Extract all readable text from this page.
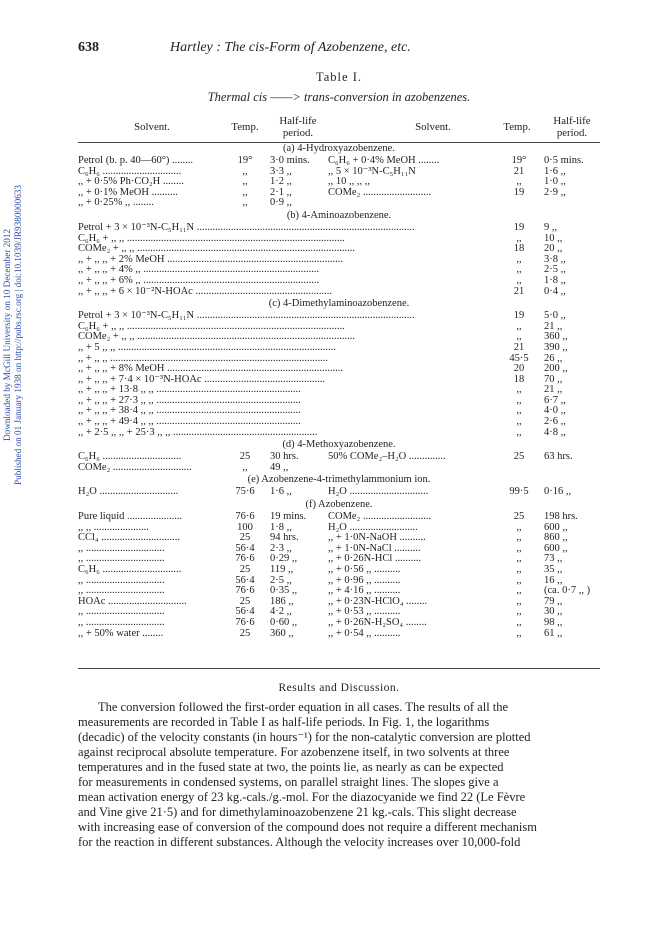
Downloaded by McGill University on 10 December 2012 Published on 01 January 1938 on http://pubs.rsc.org | doi:10.1039/JR9380000633
638	Hartley : The cis-Form of Azobenzene, etc.
Table I.
Thermal cis ——> trans-conversion in azobenzenes.
Solvent.	Temp.	Half-life period.	Solvent.	Temp.	Half-life period.
(a) 4-Hydroxyazobenzene.
Petrol (b. p. 40—60°) ........	19°	3·0 mins.	C₆H₆ + 0·4% MeOH ........	19°	0·5 mins.
C₆H₆ ..............................	,,	3·3 ,,	,, 5 × 10⁻³N-C₅H₁₁N	21	1·6 ,,
,, + 0·5% Ph·CO₂H ........	,,	1·2 ,,	,, 10 ,, ,, ,,	,,	1·0 ,,
,, + 0·1% MeOH ..........	,,	2·1 ,,	COMe₂ ..........................	19	2·9 ,,
,, + 0·25% ,, ........	,,	0·9 ,,
(b) 4-Aminoazobenzene.
Petrol + 3 × 10⁻³N-C₅H₁₁N ...................................................................................	19	9 ,,
C₆H₆ + ,, ,, ...................................................................................	,,	10 ,,
COMe₂ + ,, ,, ...................................................................................	18	20 ,,
,, + ,, ,, + 2% MeOH ...................................................................	,,	3·8 ,,
,, + ,, ,, + 4% ,, ...................................................................	,,	2·5 ,,
,, + ,, ,, + 6% ,, ...................................................................	,,	1·8 ,,
,, + ,, ,, + 6 × 10⁻²N-HOAc ....................................................	21	0·4 ,,
(c) 4-Dimethylaminoazobenzene.
Petrol + 3 × 10⁻³N-C₅H₁₁N ...................................................................................	19	5·0 ,,
C₆H₆ + ,, ,, ...................................................................................	,,	21 ,,
COMe₂ + ,, ,, ...................................................................................	,,	360 ,,
,, + 5 ,, ,, ...................................................................................	21	390 ,,
,, + ,, ,, ...................................................................................	45·5	26 ,,
,, + ,, ,, + 8% MeOH ...................................................................	20	200 ,,
,, + ,, ,, + 7·4 × 10⁻³N-HOAc ..............................................	18	70 ,,
,, + ,, ,, + 13·8 ,, ,, .......................................................	,,	21 ,,
,, + ,, ,, + 27·3 ,, ,, .......................................................	,,	6·7 ,,
,, + ,, ,, + 38·4 ,, ,, .......................................................	,,	4·0 ,,
,, + ,, ,, + 49·4 ,, ,, .......................................................	,,	2·6 ,,
,, + 2·5 ,, ,, + 25·3 ,, ,, .......................................................	,,	4·8 ,,
(d) 4-Methoxyazobenzene.
C₆H₆ ..............................	25	30 hrs.	50% COMe₂–H₂O ..............	25	63 hrs.
COMe₂ ..............................	,,	49 ,,
(e) Azobenzene-4-trimethylammonium ion.
H₂O ..............................	75·6	1·6 ,,	H₂O ..............................	99·5	0·16 ,,
(f) Azobenzene.
Pure liquid .....................	76·6	19 mins.	COMe₂ ..........................	25	198 hrs.
,, ,, .....................	100	1·8 ,,	H₂O ..........................	,,	600 ,,
CCl₄ ..............................	25	94 hrs.	,, + 1·0N-NaOH ..........	,,	860 ,,
,, ..............................	56·4	2·3 ,,	,, + 1·0N-NaCl ..........	,,	600 ,,
,, ..............................	76·6	0·29 ,,	,, + 0·26N-HCl ..........	,,	73 ,,
C₆H₆ ..............................	25	119 ,,	,, + 0·56 ,, ..........	,,	35 ,,
,, ..............................	56·4	2·5 ,,	,, + 0·96 ,, ..........	,,	16 ,,
,, ..............................	76·6	0·35 ,,	,, + 4·16 ,, ..........	,,	(ca. 0·7 ,, )
HOAc ..............................	25	186 ,,	,, + 0·23N-HClO₄ ........	,,	79 ,,
,, ..............................	56·4	4·2 ,,	,, + 0·53 ,, ..........	,,	30 ,,
,, ..............................	76·6	0·60 ,,	,, + 0·26N-H₂SO₄ ........	,,	98 ,,
,, + 50% water ........	25	360 ,,	,, + 0·54 ,, ..........	,,	61 ,,
Results and Discussion.

The conversion followed the first-order equation in all cases. The results of all the

measurements are recorded in Table I as half-life periods. In Fig. 1, the logarithms

(decadic) of the velocity constants (in hours⁻¹) for the non-catalytic conversion are plotted

against reciprocal absolute temperature. For azobenzene itself, in two solvents at three

temperatures and in the fused state at two, the points lie, as nearly as can be expected

for measurements in condensed systems, on parallel straight lines. The slopes give a

mean activation energy of 23 kg.-cals./g.-mol. For the diazocyanide we find 22 (Le Fèvre

and Vine give 21·5) and for dimethylaminoazobenzene 21 kg.-cals. This slight decrease

with increasing ease of conversion of the compound does not require a different mechanism

for the reaction in different substances. Although the velocity increases over 10,000-fold
